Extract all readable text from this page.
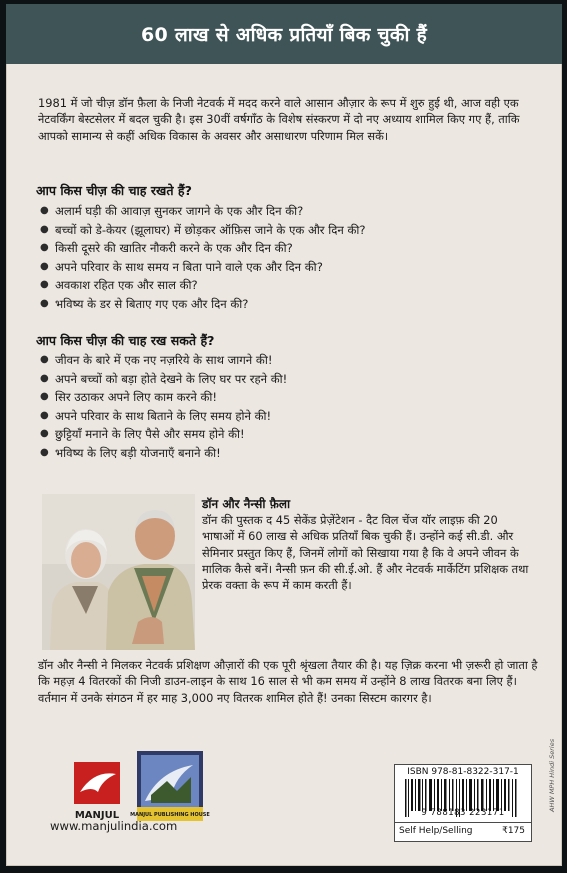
60 लाख से अधिक प्रतियाँ बिक चुकी हैं
1981 में जो चीज़ डॉन फ़ैला के निजी नेटवर्क में मदद करने वाले आसान औज़ार के रूप में शुरु हुई थी, आज वही एक नेटवर्किंग बेस्टसेलर में बदल चुकी है। इस 30वीं वर्षगाँठ के विशेष संस्करण में दो नए अध्याय शामिल किए गए हैं, ताकि आपको सामान्य से कहीं अधिक विकास के अवसर और असाधारण परिणाम मिल सकें।
आप किस चीज़ की चाह रखते हैं?
● अलार्म घड़ी की आवाज़ सुनकर जागने के एक और दिन की?
● बच्चों को डे-केयर (झूलाघर) में छोड़कर ऑफ़िस जाने के एक और दिन की?
● किसी दूसरे की खातिर नौकरी करने के एक और दिन की?
● अपने परिवार के साथ समय न बिता पाने वाले एक और दिन की?
● अवकाश रहित एक और साल की?
● भविष्य के डर से बिताए गए एक और दिन की?
आप किस चीज़ की चाह रख सकते हैं?
● जीवन के बारे में एक नए नज़रिये के साथ जागने की!
● अपने बच्चों को बड़ा होते देखने के लिए घर पर रहने की!
● सिर उठाकर अपने लिए काम करने की!
● अपने परिवार के साथ बिताने के लिए समय होने की!
● छुट्टियाँ मनाने के लिए पैसे और समय होने की!
● भविष्य के लिए बड़ी योजनाएँ बनाने की!
डॉन और नैन्सी फ़ैला
डॉन की पुस्तक द 45 सेकेंड प्रेज़ेंटेशन - दैट विल चेंज यॉर लाइफ़ की 20 भाषाओं में 60 लाख से अधिक प्रतियाँ बिक चुकी हैं। उन्होंने कई सी.डी. और सेमिनार प्रस्तुत किए हैं, जिनमें लोगों को सिखाया गया है कि वे अपने जीवन के मालिक कैसे बनें। नैन्सी फ़न की सी.ई.ओ. हैं और नेटवर्क मार्केटिंग प्रशिक्षक तथा प्रेरक वक्ता के रूप में काम करती हैं।
डॉन और नैन्सी ने मिलकर नेटवर्क प्रशिक्षण औज़ारों की एक पूरी श्रृंखला तैयार की है। यह ज़िक्र करना भी ज़रूरी हो जाता है कि महज़ 4 वितरकों की निजी डाउन-लाइन के साथ 16 साल से भी कम समय में उन्होंने 8 लाख वितरक बना लिए हैं। वर्तमान में उनके संगठन में हर माह 3,000 नए वितरक शामिल होते हैं! उनका सिस्टम कारगर है।
MANJUL MANJUL PUBLISHING HOUSE
www.manjulindia.com
ISBN 978-81-8322-317-1
9 788183 223171
Self Help/Selling	₹175
AHW MPH Hindi Series
